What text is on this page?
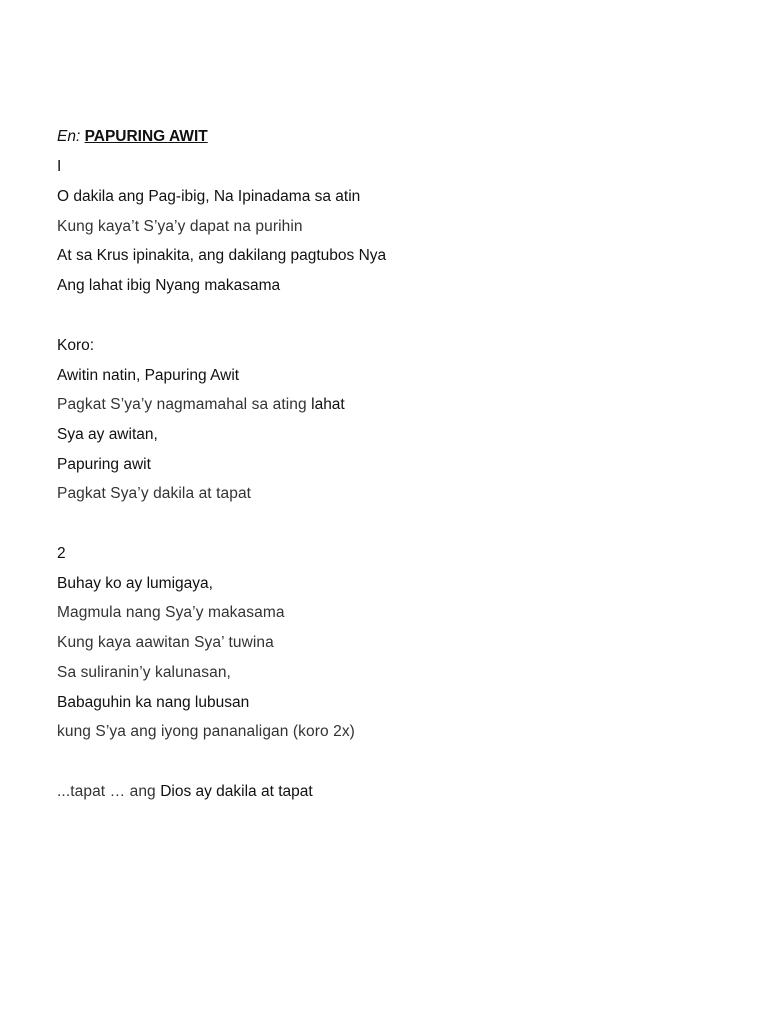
En: PAPURING AWIT
I
O dakila ang Pag-ibig, Na Ipinadama sa atin
Kung kaya’t S’ya’y dapat na purihin
At sa Krus ipinakita, ang dakilang pagtubos Nya
Ang lahat ibig Nyang makasama
Koro:
Awitin natin, Papuring Awit
Pagkat S’ya’y nagmamahal sa ating lahat
Sya ay awitan,
Papuring awit
Pagkat Sya’y dakila at tapat
2
Buhay ko ay lumigaya,
Magmula nang Sya’y makasama
Kung kaya aawitan Sya’ tuwina
Sa suliranin’y kalunasan,
Babaguhin ka nang lubusan
kung S’ya ang iyong pananaligan (koro 2x)
...tapat … ang Dios ay dakila at tapat
